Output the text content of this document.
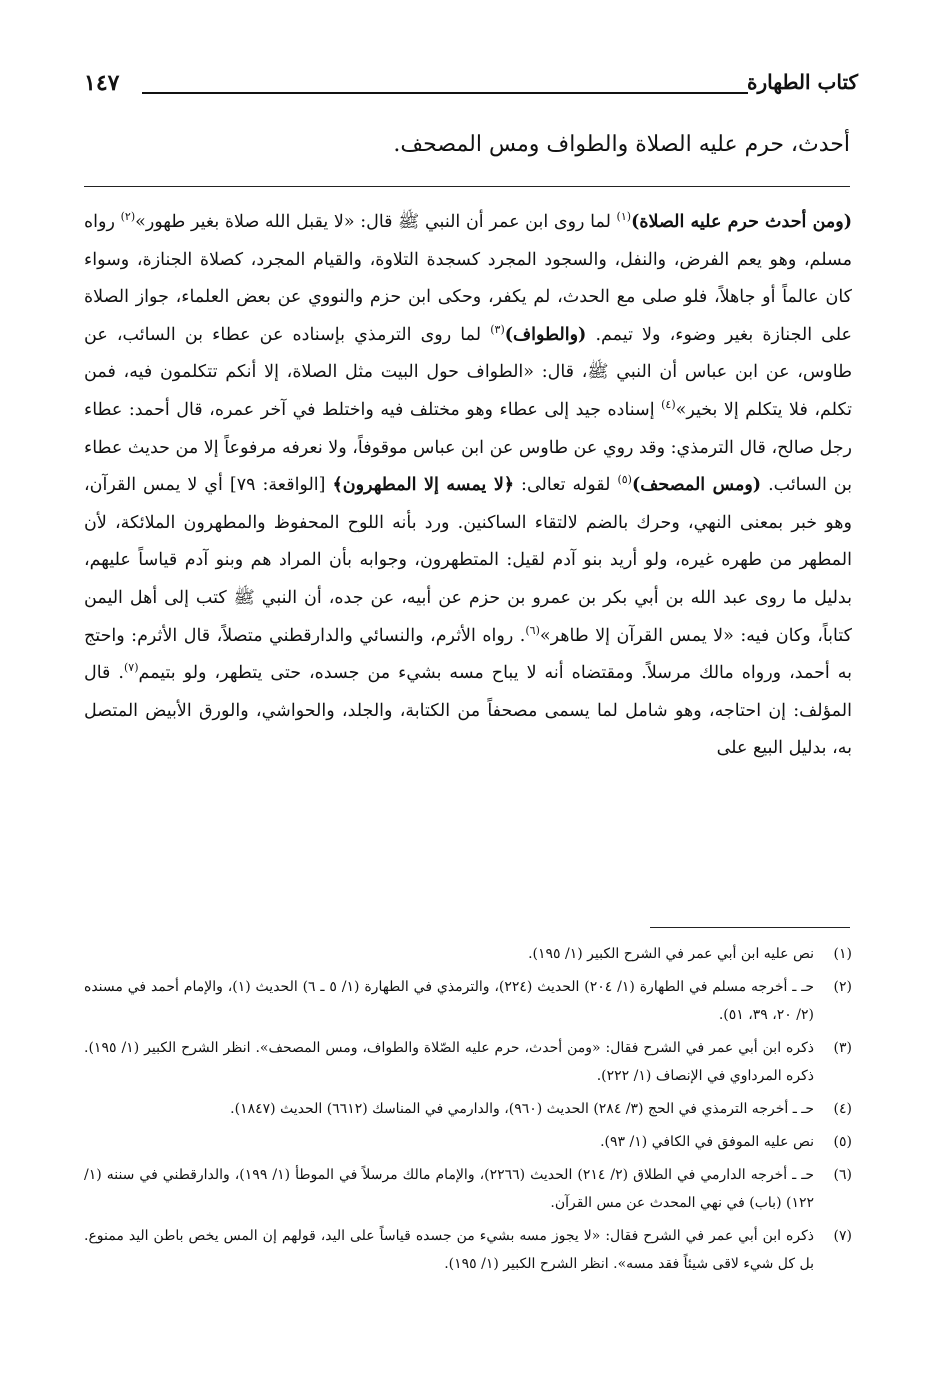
كتاب الطهارة
١٤٧
أحدث، حرم عليه الصلاة والطواف ومس المصحف.
(ومن أحدث حرم عليه الصلاة)$^{(١)}$ لما روى ابن عمر أن النبي ﷺ قال: «لا يقبل الله صلاة بغير طهور»$^{(٢)}$ رواه مسلم، وهو يعم الفرض، والنفل، والسجود المجرد كسجدة التلاوة، والقيام المجرد، كصلاة الجنازة، وسواء كان عالماً أو جاهلاً، فلو صلى مع الحدث، لم يكفر، وحكى ابن حزم والنووي عن بعض العلماء، جواز الصلاة على الجنازة بغير وضوء، ولا تيمم. (والطواف)$^{(٣)}$ لما روى الترمذي بإسناده عن عطاء بن السائب، عن طاوس، عن ابن عباس أن النبي ﷺ، قال: «الطواف حول البيت مثل الصلاة، إلا أنكم تتكلمون فيه، فمن تكلم، فلا يتكلم إلا بخير»$^{(٤)}$ إسناده جيد إلى عطاء وهو مختلف فيه واختلط في آخر عمره، قال أحمد: عطاء رجل صالح، قال الترمذي: وقد روي عن طاوس عن ابن عباس موقوفاً، ولا نعرفه مرفوعاً إلا من حديث عطاء بن السائب. (ومس المصحف)$^{(٥)}$ لقوله تعالى: ﴿لا يمسه إلا المطهرون﴾ [الواقعة: ٧٩] أي لا يمس القرآن، وهو خبر بمعنى النهي، وحرك بالضم لالتقاء الساكنين. ورد بأنه اللوح المحفوظ والمطهرون الملائكة، لأن المطهر من طهره غيره، ولو أريد بنو آدم لقيل: المتطهرون، وجوابه بأن المراد هم وبنو آدم قياساً عليهم، بدليل ما روى عبد الله بن أبي بكر بن عمرو بن حزم عن أبيه، عن جده، أن النبي ﷺ كتب إلى أهل اليمن كتاباً، وكان فيه: «لا يمس القرآن إلا طاهر»$^{(٦)}$. رواه الأثرم، والنسائي والدارقطني متصلاً، قال الأثرم: واحتج به أحمد، ورواه مالك مرسلاً. ومقتضاه أنه لا يباح مسه بشيء من جسده، حتى يتطهر، ولو بتيمم$^{(٧)}$. قال المؤلف: إن احتاجه، وهو شامل لما يسمى مصحفاً من الكتابة، والجلد، والحواشي، والورق الأبيض المتصل به، بدليل البيع على
(١)
نص عليه ابن أبي عمر في الشرح الكبير (١/ ١٩٥).
(٢)
حـ ـ أخرجه مسلم في الطهارة (١/ ٢٠٤) الحديث (٢٢٤)، والترمذي في الطهارة (١/ ٥ ـ ٦) الحديث (١)، والإمام أحمد في مسنده (٢/ ٢٠، ٣٩، ٥١).
(٣)
ذكره ابن أبي عمر في الشرح فقال: «ومن أحدث، حرم عليه الصّلاة والطواف، ومس المصحف». انظر الشرح الكبير (١/ ١٩٥). ذكره المرداوي في الإنصاف (١/ ٢٢٢).
(٤)
حـ ـ أخرجه الترمذي في الحج (٣/ ٢٨٤) الحديث (٩٦٠)، والدارمي في المناسك (٦٦١٢) الحديث (١٨٤٧).
(٥)
نص عليه الموفق في الكافي (١/ ٩٣).
(٦)
حـ ـ أخرجه الدارمي في الطلاق (٢/ ٢١٤) الحديث (٢٢٦٦)، والإمام مالك مرسلاً في الموطأ (١/ ١٩٩)، والدارقطني في سننه (١/ ١٢٢) (باب) في نهي المحدث عن مس القرآن.
(٧)
ذكره ابن أبي عمر في الشرح فقال: «لا يجوز مسه بشيء من جسده قياساً على اليد، قولهم إن المس يخص باطن اليد ممنوع. بل كل شيء لاقى شيئاً فقد مسه». انظر الشرح الكبير (١/ ١٩٥).
